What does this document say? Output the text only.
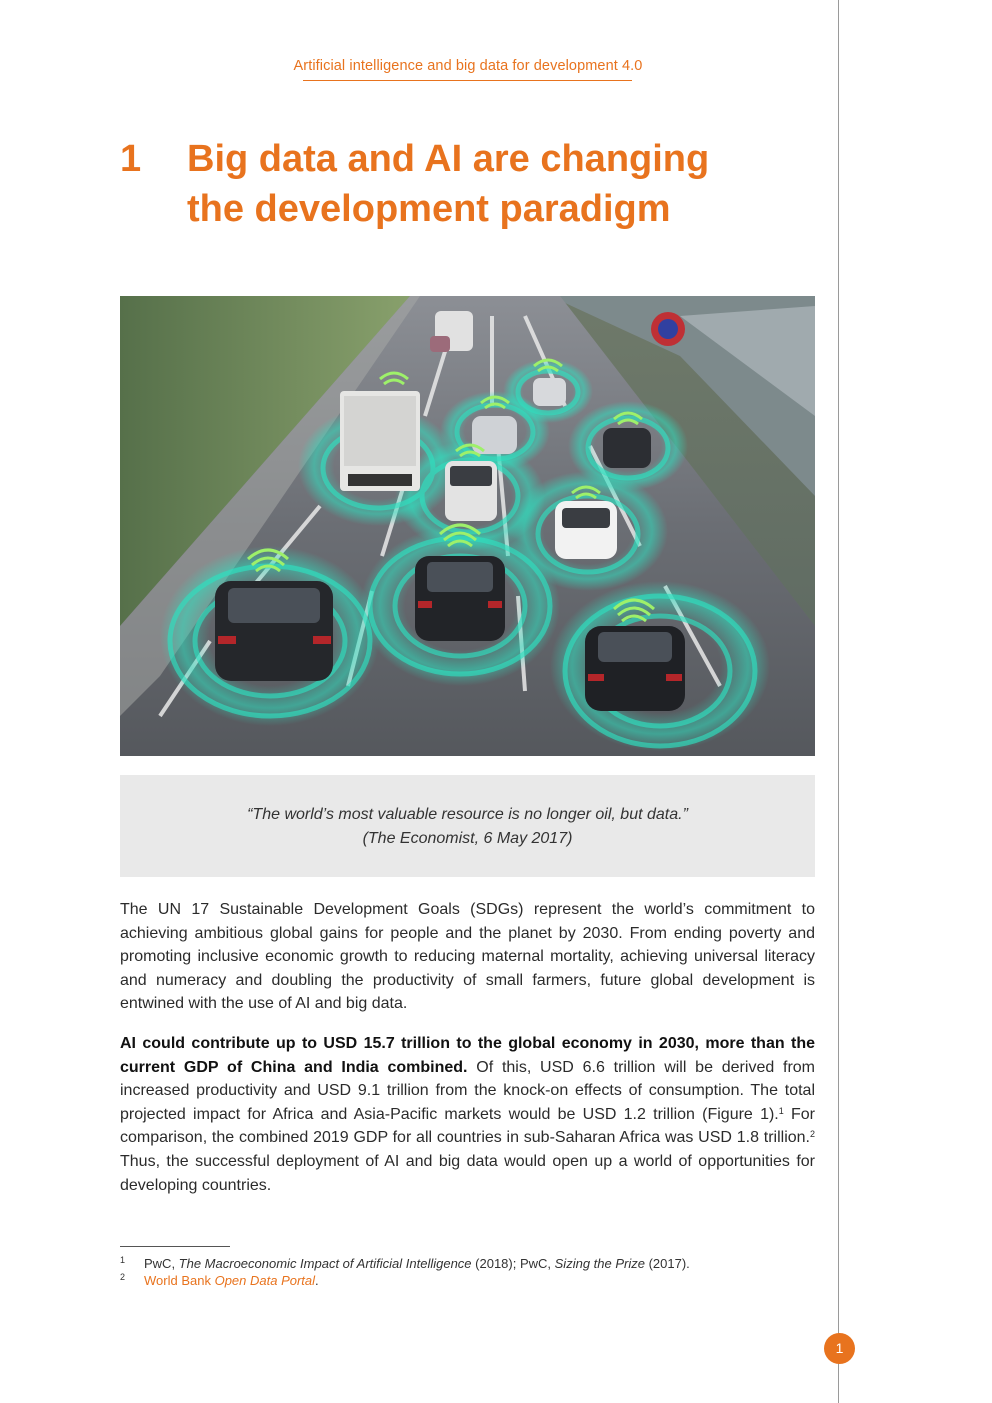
Artificial intelligence and big data for development 4.0
1	Big data and AI are changing
the development paradigm

“The world’s most valuable resource is no longer oil, but data.”

(The Economist, 6 May 2017)

The UN 17 Sustainable Development Goals (SDGs) represent the world’s commitment to achieving ambitious global gains for people and the planet by 2030. From ending poverty and promoting inclusive economic growth to reducing maternal mortality, achieving universal literacy and numeracy and doubling the productivity of small farmers, future global development is entwined with the use of AI and big data.

AI could contribute up to USD 15.7 trillion to the global economy in 2030, more than the current GDP of China and India combined. Of this, USD 6.6 trillion will be derived from increased productivity and USD 9.1 trillion from the knock-on effects of consumption. The total projected impact for Africa and Asia-Pacific markets would be USD 1.2 trillion (Figure 1).$^1$ For comparison, the combined 2019 GDP for all countries in sub-Saharan Africa was USD 1.8 trillion.$^2$ Thus, the successful deployment of AI and big data would open up a world of opportunities for developing countries.

1 PwC, The Macroeconomic Impact of Artificial Intelligence (2018); PwC, Sizing the Prize (2017).
2 World Bank Open Data Portal.
1
